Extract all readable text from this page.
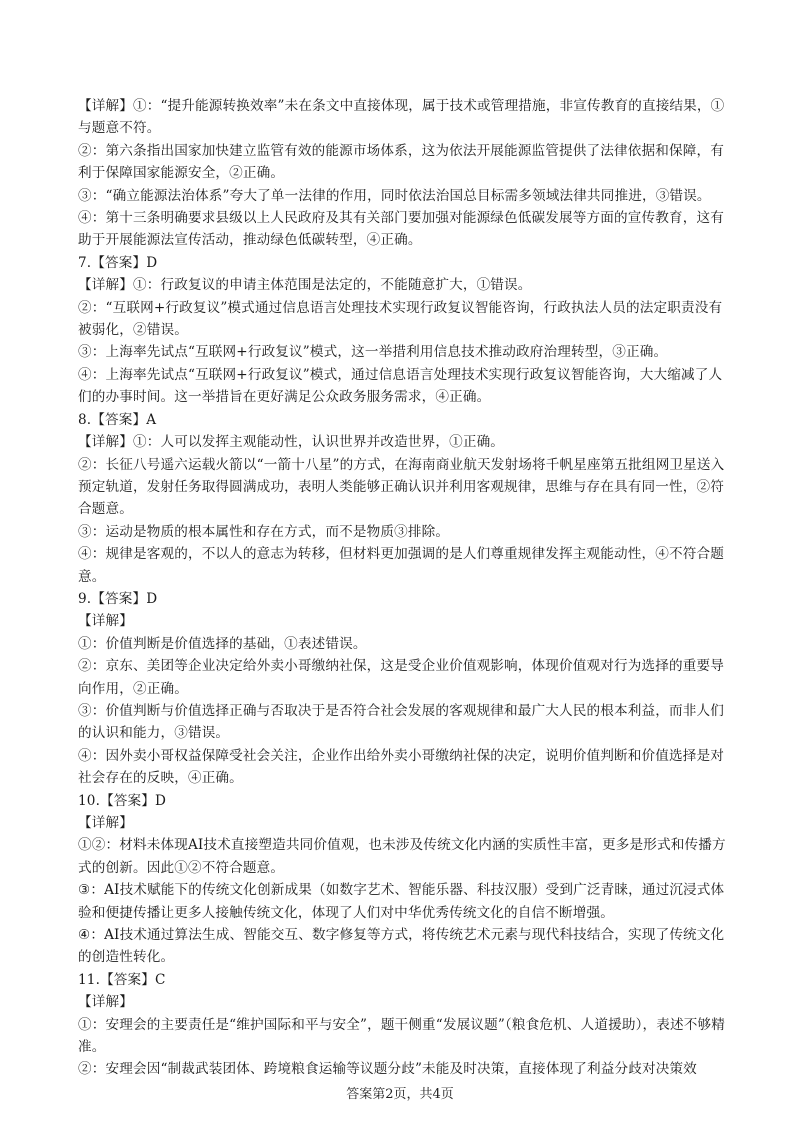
【详解】①：“提升能源转换效率”未在条文中直接体现，属于技术或管理措施，非宣传教育的直接结果，①与题意不符。

②：第六条指出国家加快建立监管有效的能源市场体系，这为依法开展能源监管提供了法律依据和保障，有利于保障国家能源安全，②正确。

③：“确立能源法治体系”夸大了单一法律的作用，同时依法治国总目标需多领域法律共同推进，③错误。

④：第十三条明确要求县级以上人民政府及其有关部门要加强对能源绿色低碳发展等方面的宣传教育，这有助于开展能源法宣传活动，推动绿色低碳转型，④正确。

7.【答案】D

【详解】①：行政复议的申请主体范围是法定的，不能随意扩大，①错误。

②：“互联网+行政复议”模式通过信息语言处理技术实现行政复议智能咨询，行政执法人员的法定职责没有被弱化，②错误。

③：上海率先试点“互联网+行政复议”模式，这一举措利用信息技术推动政府治理转型，③正确。

④：上海率先试点“互联网+行政复议”模式，通过信息语言处理技术实现行政复议智能咨询，大大缩减了人们的办事时间。这一举措旨在更好满足公众政务服务需求，④正确。

8.【答案】A

【详解】①：人可以发挥主观能动性，认识世界并改造世界，①正确。

②：长征八号遥六运载火箭以“一箭十八星”的方式，在海南商业航天发射场将千帆星座第五批组网卫星送入预定轨道，发射任务取得圆满成功，表明人类能够正确认识并利用客观规律，思维与存在具有同一性，②符合题意。

③：运动是物质的根本属性和存在方式，而不是物质③排除。

④：规律是客观的，不以人的意志为转移，但材料更加强调的是人们尊重规律发挥主观能动性，④不符合题意。

9.【答案】D

【详解】

①：价值判断是价值选择的基础，①表述错误。

②：京东、美团等企业决定给外卖小哥缴纳社保，这是受企业价值观影响，体现价值观对行为选择的重要导向作用，②正确。

③：价值判断与价值选择正确与否取决于是否符合社会发展的客观规律和最广大人民的根本利益，而非人们的认识和能力，③错误。

④：因外卖小哥权益保障受社会关注，企业作出给外卖小哥缴纳社保的决定，说明价值判断和价值选择是对社会存在的反映，④正确。

10.【答案】D

【详解】

①②：材料未体现AI技术直接塑造共同价值观，也未涉及传统文化内涵的实质性丰富，更多是形式和传播方式的创新。因此①②不符合题意。

③：AI技术赋能下的传统文化创新成果（如数字艺术、智能乐器、科技汉服）受到广泛青睐，通过沉浸式体验和便捷传播让更多人接触传统文化，体现了人们对中华优秀传统文化的自信不断增强。

④：AI技术通过算法生成、智能交互、数字修复等方式，将传统艺术元素与现代科技结合，实现了传统文化的创造性转化。

11.【答案】C

【详解】

①：安理会的主要责任是“维护国际和平与安全”，题干侧重“发展议题”（粮食危机、人道援助），表述不够精准。

②：安理会因“制裁武装团体、跨境粮食运输等议题分歧”未能及时决策，直接体现了利益分歧对决策效

答案第2页，共4页
